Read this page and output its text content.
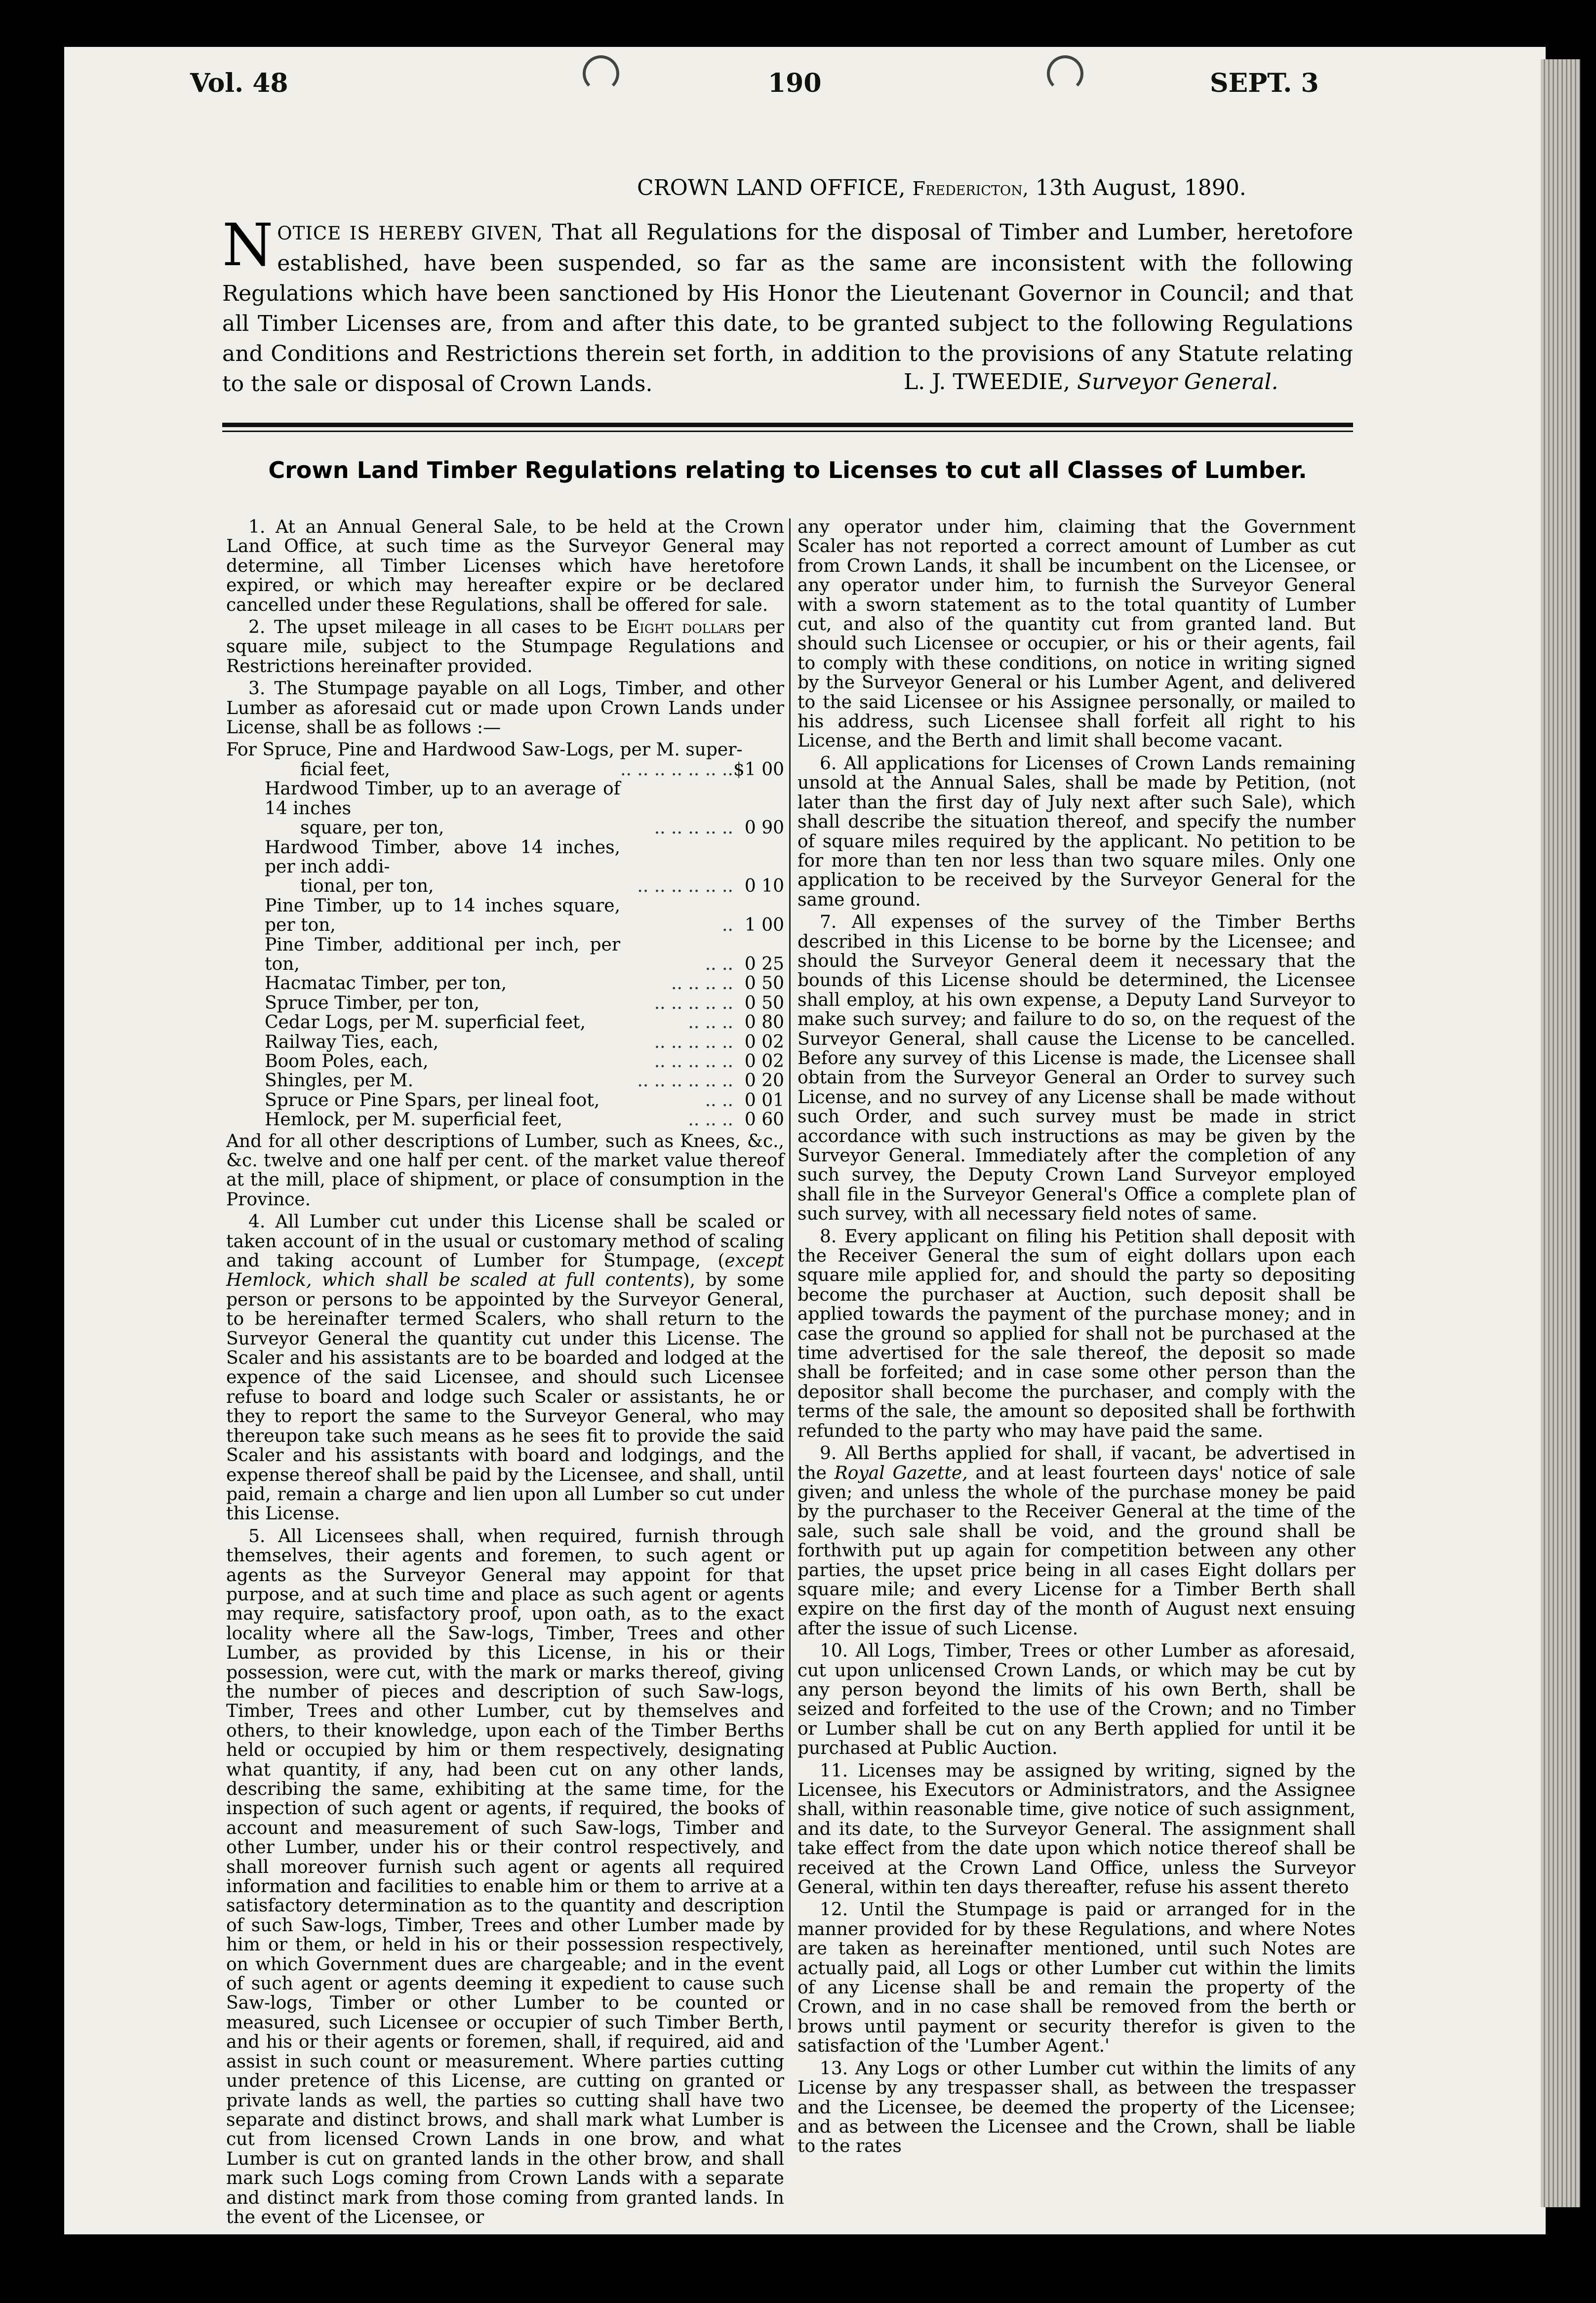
Vol. 48	190	SEPT. 3
CROWN LAND OFFICE, Fredericton, 13th August, 1890.
NOTICE IS HEREBY GIVEN, That all Regulations for the disposal of Timber and Lumber, heretofore established, have been suspended, so far as the same are inconsistent with the following Regulations which have been sanctioned by His Honor the Lieutenant Governor in Council; and that all Timber Licenses are, from and after this date, to be granted subject to the following Regulations and Conditions and Restrictions therein set forth, in addition to the provisions of any Statute relating to the sale or disposal of Crown Lands.	L. J. TWEEDIE, Surveyor General.
Crown Land Timber Regulations relating to Licenses to cut all Classes of Lumber.

1. At an Annual General Sale, to be held at the Crown Land Office, at such time as the Surveyor General may determine, all Timber Licenses which have heretofore expired, or which may hereafter expire or be declared cancelled under these Regulations, shall be offered for sale.

2. The upset mileage in all cases to be Eight dollars per square mile, subject to the Stumpage Regulations and Restrictions hereinafter provided.

3. The Stumpage payable on all Logs, Timber, and other Lumber as aforesaid cut or made upon Crown Lands under License, shall be as follows :—

For Spruce, Pine and Hardwood Saw-Logs, per M. super-		
ficial feet,	.. .. .. .. .. .. ..	$1 00
Hardwood Timber, up to an average of 14 inches		
square, per ton,	.. .. .. .. ..	0 90
Hardwood Timber, above 14 inches, per inch addi-		
tional, per ton,	.. .. .. .. .. ..	0 10
Pine Timber, up to 14 inches square, per ton,	..	1 00
Pine Timber, additional per inch, per ton,	.. ..	0 25
Hacmatac Timber, per ton,	.. .. .. ..	0 50
Spruce Timber, per ton,	.. .. .. .. ..	0 50
Cedar Logs, per M. superficial feet,	.. .. ..	0 80
Railway Ties, each,	.. .. .. .. ..	0 02
Boom Poles, each,	.. .. .. .. ..	0 02
Shingles, per M.	.. .. .. .. .. ..	0 20
Spruce or Pine Spars, per lineal foot,	.. ..	0 01
Hemlock, per M. superficial feet,	.. .. ..	0 60

And for all other descriptions of Lumber, such as Knees, &c., &c. twelve and one half per cent. of the market value thereof at the mill, place of shipment, or place of consumption in the Province.

4. All Lumber cut under this License shall be scaled or taken account of in the usual or customary method of scaling and taking account of Lumber for Stumpage, (except Hemlock, which shall be scaled at full contents), by some person or persons to be appointed by the Surveyor General, to be hereinafter termed Scalers, who shall return to the Surveyor General the quantity cut under this License. The Scaler and his assistants are to be boarded and lodged at the expence of the said Licensee, and should such Licensee refuse to board and lodge such Scaler or assistants, he or they to report the same to the Surveyor General, who may thereupon take such means as he sees fit to provide the said Scaler and his assistants with board and lodgings, and the expense thereof shall be paid by the Licensee, and shall, until paid, remain a charge and lien upon all Lumber so cut under this License.

5. All Licensees shall, when required, furnish through themselves, their agents and foremen, to such agent or agents as the Surveyor General may appoint for that purpose, and at such time and place as such agent or agents may require, satisfactory proof, upon oath, as to the exact locality where all the Saw-logs, Timber, Trees and other Lumber, as provided by this License, in his or their possession, were cut, with the mark or marks thereof, giving the number of pieces and description of such Saw-logs, Timber, Trees and other Lumber, cut by themselves and others, to their knowledge, upon each of the Timber Berths held or occupied by him or them respectively, designating what quantity, if any, had been cut on any other lands, describing the same, exhibiting at the same time, for the inspection of such agent or agents, if required, the books of account and measurement of such Saw-logs, Timber and other Lumber, under his or their control respectively, and shall moreover furnish such agent or agents all required information and facilities to enable him or them to arrive at a satisfactory determination as to the quantity and description of such Saw-logs, Timber, Trees and other Lumber made by him or them, or held in his or their possession respectively, on which Government dues are chargeable; and in the event of such agent or agents deeming it expedient to cause such Saw-logs, Timber or other Lumber to be counted or measured, such Licensee or occupier of such Timber Berth, and his or their agents or foremen, shall, if required, aid and assist in such count or measurement. Where parties cutting under pretence of this License, are cutting on granted or private lands as well, the parties so cutting shall have two separate and distinct brows, and shall mark what Lumber is cut from licensed Crown Lands in one brow, and what Lumber is cut on granted lands in the other brow, and shall mark such Logs coming from Crown Lands with a separate and distinct mark from those coming from granted lands. In the event of the Licensee, or

any operator under him, claiming that the Government Scaler has not reported a correct amount of Lumber as cut from Crown Lands, it shall be incumbent on the Licensee, or any operator under him, to furnish the Surveyor General with a sworn statement as to the total quantity of Lumber cut, and also of the quantity cut from granted land. But should such Licensee or occupier, or his or their agents, fail to comply with these conditions, on notice in writing signed by the Surveyor General or his Lumber Agent, and delivered to the said Licensee or his Assignee personally, or mailed to his address, such Licensee shall forfeit all right to his License, and the Berth and limit shall become vacant.

6. All applications for Licenses of Crown Lands remaining unsold at the Annual Sales, shall be made by Petition, (not later than the first day of July next after such Sale), which shall describe the situation thereof, and specify the number of square miles required by the applicant. No petition to be for more than ten nor less than two square miles. Only one application to be received by the Surveyor General for the same ground.

7. All expenses of the survey of the Timber Berths described in this License to be borne by the Licensee; and should the Surveyor General deem it necessary that the bounds of this License should be determined, the Licensee shall employ, at his own expense, a Deputy Land Surveyor to make such survey; and failure to do so, on the request of the Surveyor General, shall cause the License to be cancelled. Before any survey of this License is made, the Licensee shall obtain from the Surveyor General an Order to survey such License, and no survey of any License shall be made without such Order, and such survey must be made in strict accordance with such instructions as may be given by the Surveyor General. Immediately after the completion of any such survey, the Deputy Crown Land Surveyor employed shall file in the Surveyor General's Office a complete plan of such survey, with all necessary field notes of same.

8. Every applicant on filing his Petition shall deposit with the Receiver General the sum of eight dollars upon each square mile applied for, and should the party so depositing become the purchaser at Auction, such deposit shall be applied towards the payment of the purchase money; and in case the ground so applied for shall not be purchased at the time advertised for the sale thereof, the deposit so made shall be forfeited; and in case some other person than the depositor shall become the purchaser, and comply with the terms of the sale, the amount so deposited shall be forthwith refunded to the party who may have paid the same.

9. All Berths applied for shall, if vacant, be advertised in the Royal Gazette, and at least fourteen days' notice of sale given; and unless the whole of the purchase money be paid by the purchaser to the Receiver General at the time of the sale, such sale shall be void, and the ground shall be forthwith put up again for competition between any other parties, the upset price being in all cases Eight dollars per square mile; and every License for a Timber Berth shall expire on the first day of the month of August next ensuing after the issue of such License.

10. All Logs, Timber, Trees or other Lumber as aforesaid, cut upon unlicensed Crown Lands, or which may be cut by any person beyond the limits of his own Berth, shall be seized and forfeited to the use of the Crown; and no Timber or Lumber shall be cut on any Berth applied for until it be purchased at Public Auction.

11. Licenses may be assigned by writing, signed by the Licensee, his Executors or Administrators, and the Assignee shall, within reasonable time, give notice of such assignment, and its date, to the Surveyor General. The assignment shall take effect from the date upon which notice thereof shall be received at the Crown Land Office, unless the Surveyor General, within ten days thereafter, refuse his assent thereto

12. Until the Stumpage is paid or arranged for in the manner provided for by these Regulations, and where Notes are taken as hereinafter mentioned, until such Notes are actually paid, all Logs or other Lumber cut within the limits of any License shall be and remain the property of the Crown, and in no case shall be removed from the berth or brows until payment or security therefor is given to the satisfaction of the 'Lumber Agent.'

13. Any Logs or other Lumber cut within the limits of any License by any trespasser shall, as between the trespasser and the Licensee, be deemed the property of the Licensee; and as between the Licensee and the Crown, shall be liable to the rates
